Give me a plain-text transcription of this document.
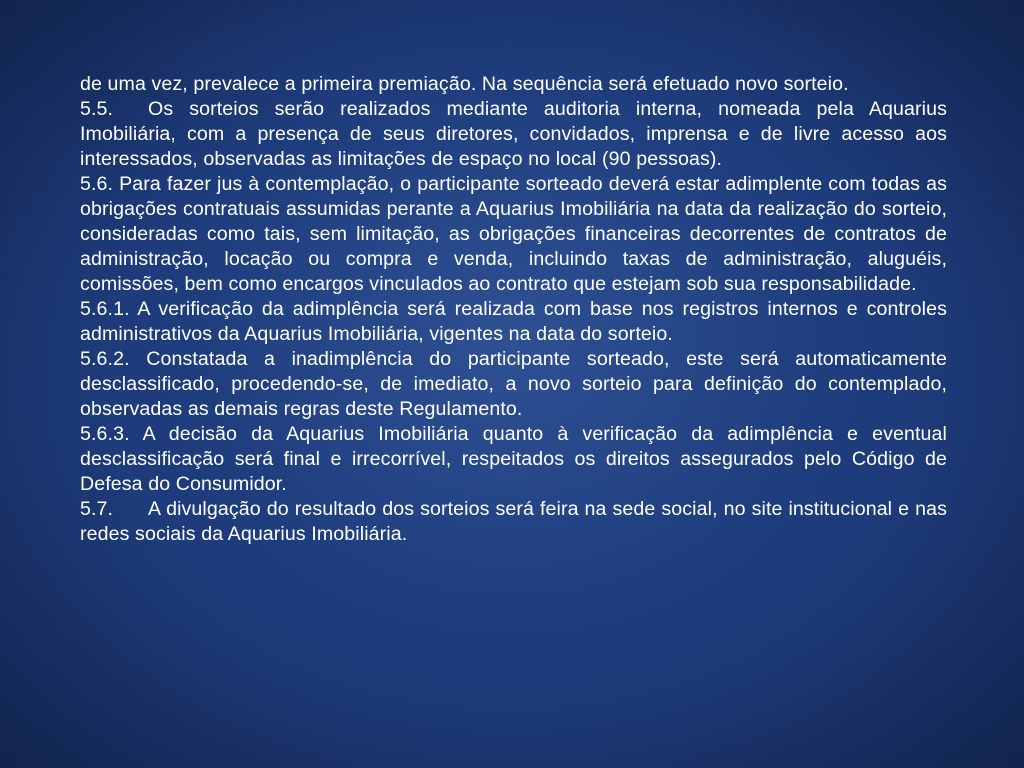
de uma vez, prevalece a primeira premiação. Na sequência será efetuado novo sorteio.

5.5. Os sorteios serão realizados mediante auditoria interna, nomeada pela Aquarius Imobiliária, com a presença de seus diretores, convidados, imprensa e de livre acesso aos interessados, observadas as limitações de espaço no local (90 pessoas).

5.6. Para fazer jus à contemplação, o participante sorteado deverá estar adimplente com todas as obrigações contratuais assumidas perante a Aquarius Imobiliária na data da realização do sorteio, consideradas como tais, sem limitação, as obrigações financeiras decorrentes de contratos de administração, locação ou compra e venda, incluindo taxas de administração, aluguéis, comissões, bem como encargos vinculados ao contrato que estejam sob sua responsabilidade.

5.6.1. A verificação da adimplência será realizada com base nos registros internos e controles administrativos da Aquarius Imobiliária, vigentes na data do sorteio.

5.6.2. Constatada a inadimplência do participante sorteado, este será automaticamente desclassificado, procedendo-se, de imediato, a novo sorteio para definição do contemplado, observadas as demais regras deste Regulamento.

5.6.3. A decisão da Aquarius Imobiliária quanto à verificação da adimplência e eventual desclassificação será final e irrecorrível, respeitados os direitos assegurados pelo Código de Defesa do Consumidor.

5.7. A divulgação do resultado dos sorteios será feira na sede social, no site institucional e nas redes sociais da Aquarius Imobiliária.
